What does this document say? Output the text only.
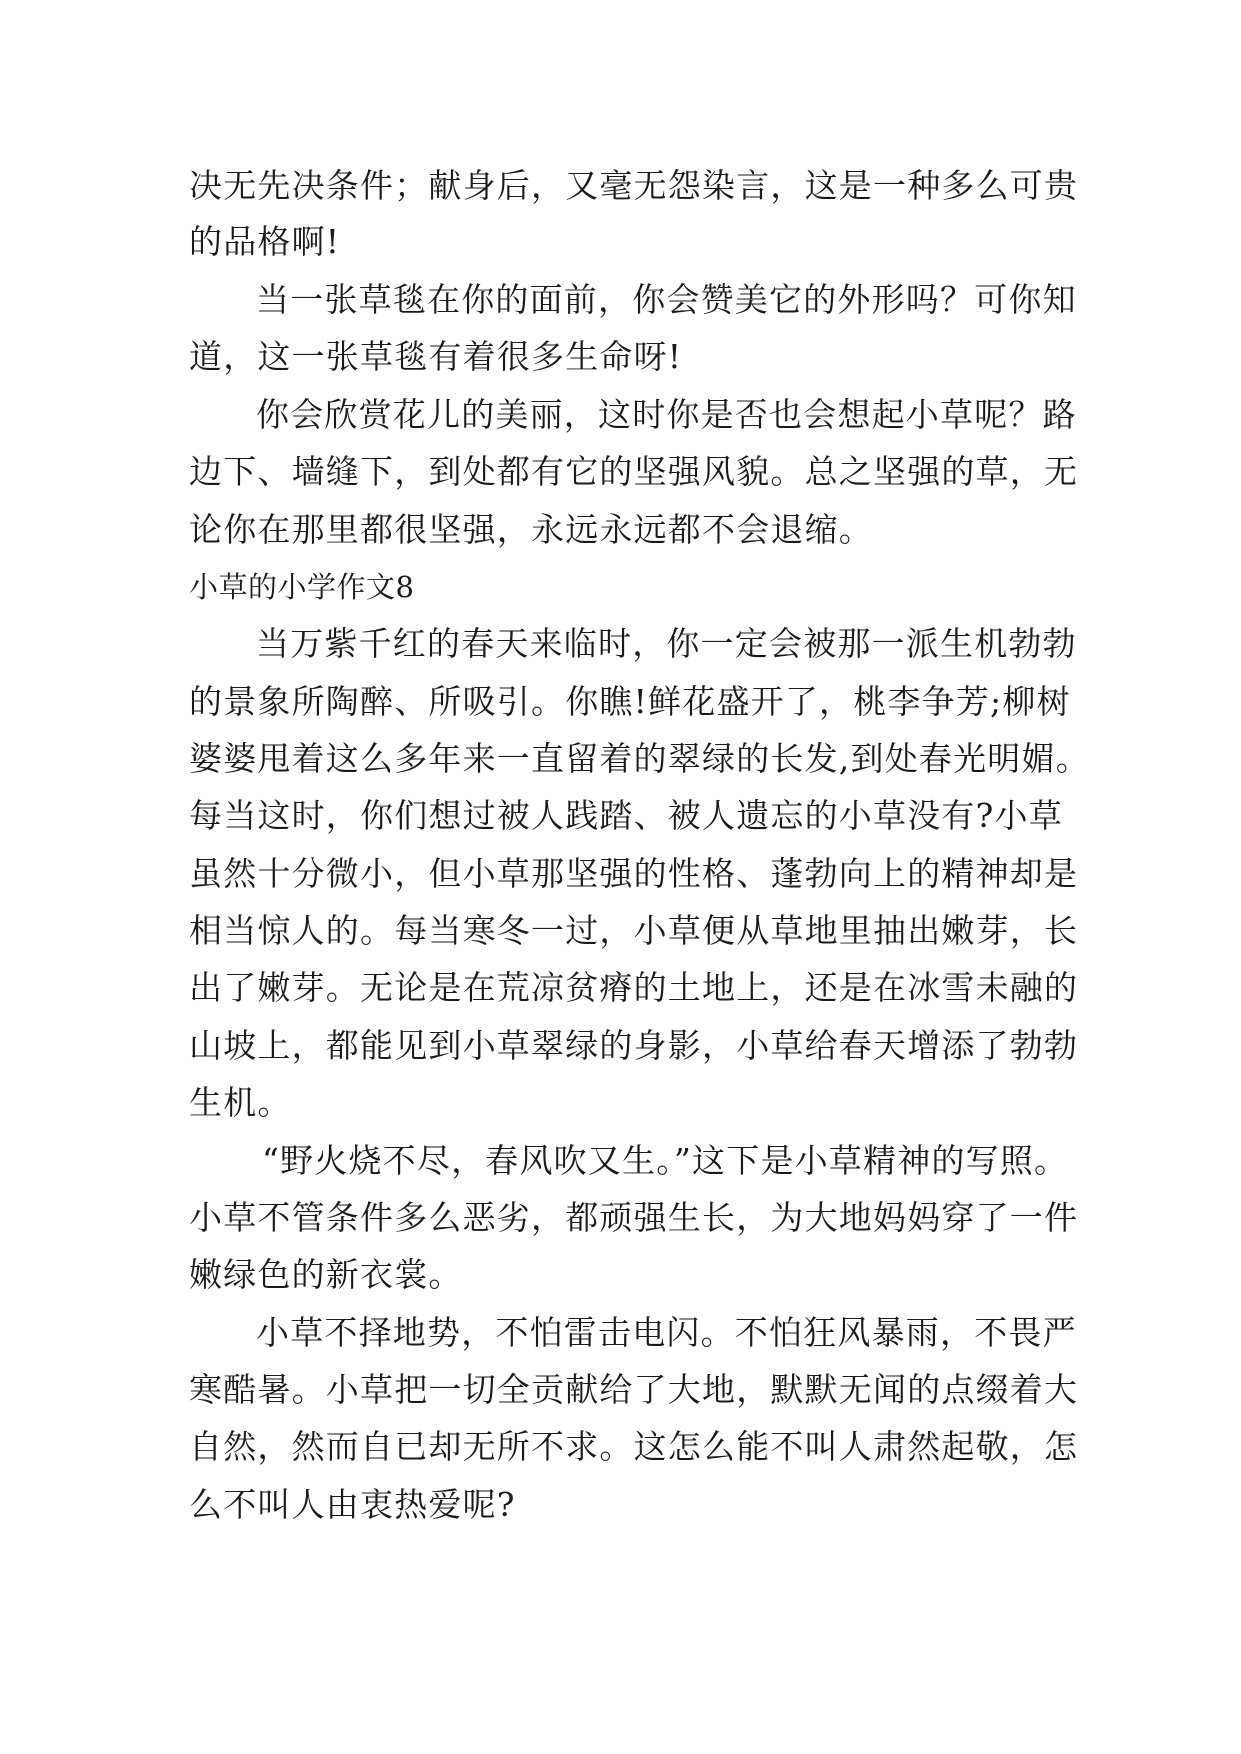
决无先决条件；献身后，又毫无怨染言，这是一种多么可贵
的品格啊!
当一张草毯在你的面前，你会赞美它的外形吗？可你知
道，这一张草毯有着很多生命呀!
你会欣赏花儿的美丽，这时你是否也会想起小草呢？路
边下、墙缝下，到处都有它的坚强风貌。总之坚强的草，无
论你在那里都很坚强，永远永远都不会退缩。
小草的小学作文8
当万紫千红的春天来临时，你一定会被那一派生机勃勃
的景象所陶醉、所吸引。你瞧!鲜花盛开了，桃李争芳;柳树
婆婆甩着这么多年来一直留着的翠绿的长发,到处春光明媚。
每当这时，你们想过被人践踏、被人遗忘的小草没有?小草
虽然十分微小，但小草那坚强的性格、蓬勃向上的精神却是
相当惊人的。每当寒冬一过，小草便从草地里抽出嫩芽，长
出了嫩芽。无论是在荒凉贫瘠的土地上，还是在冰雪未融的
山坡上，都能见到小草翠绿的身影，小草给春天增添了勃勃
生机。
“野火烧不尽，春风吹又生。”这下是小草精神的写照。
小草不管条件多么恶劣，都顽强生长，为大地妈妈穿了一件
嫩绿色的新衣裳。
小草不择地势，不怕雷击电闪。不怕狂风暴雨，不畏严
寒酷暑。小草把一切全贡献给了大地，默默无闻的点缀着大
自然，然而自已却无所不求。这怎么能不叫人肃然起敬，怎
么不叫人由衷热爱呢?
